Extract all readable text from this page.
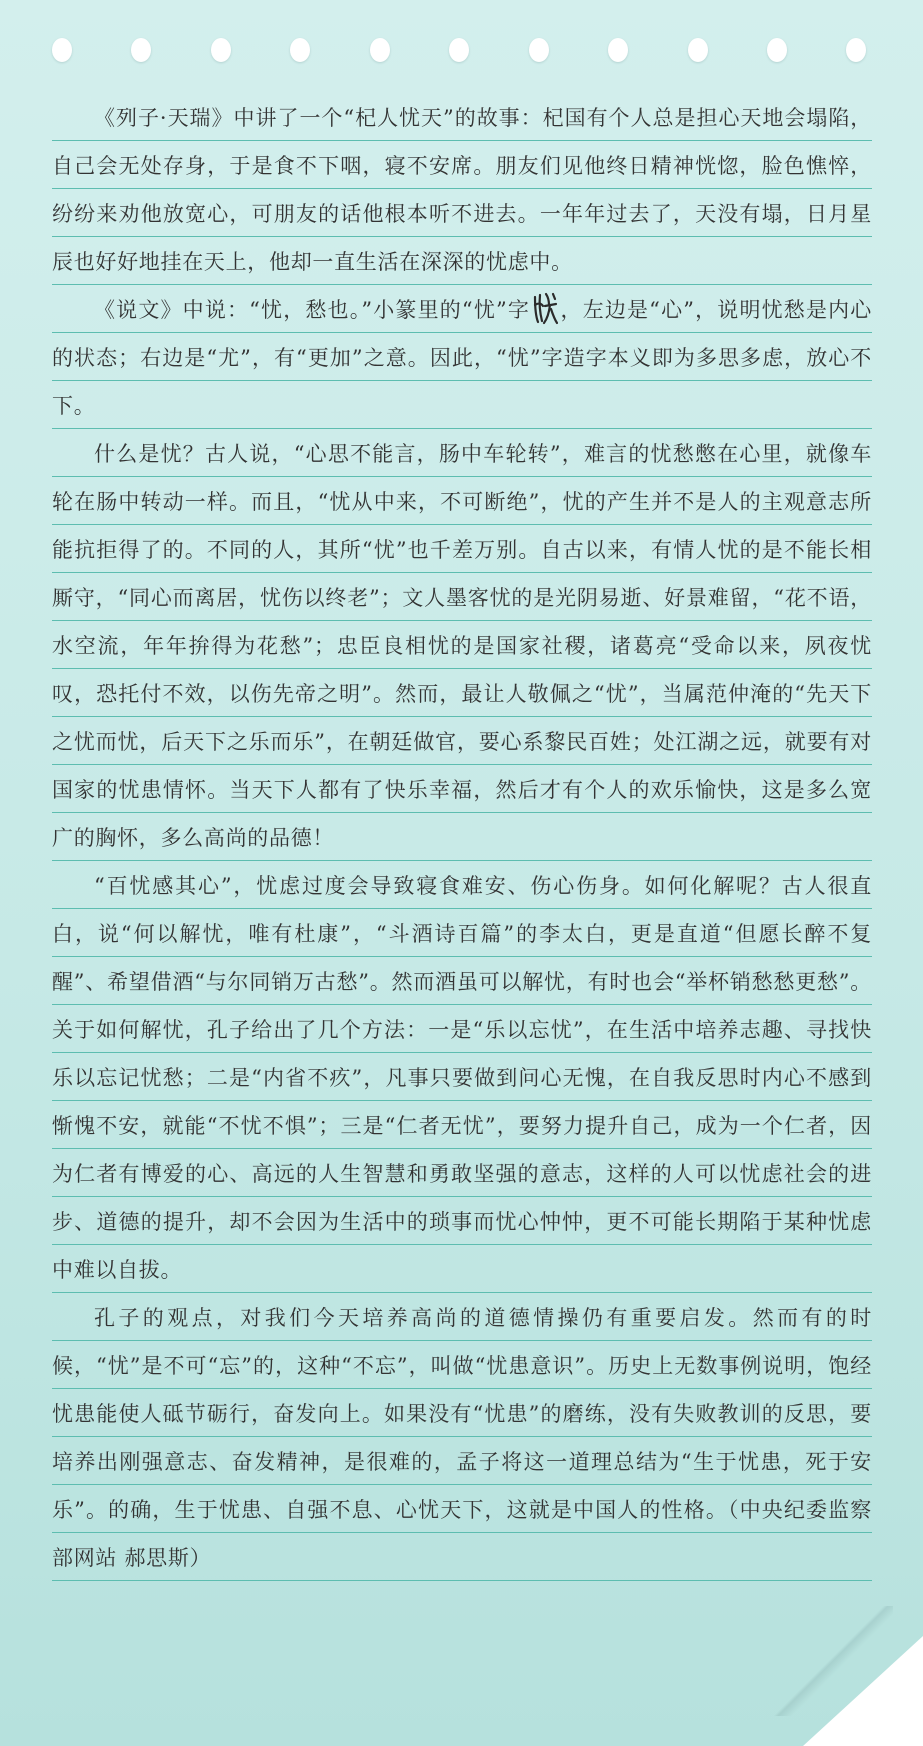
《列子·天瑞》中讲了一个“杞人忧天”的故事：杞国有个人总是担心天地会塌陷，自己会无处存身，于是食不下咽，寝不安席。朋友们见他终日精神恍惚，脸色憔悴，纷纷来劝他放宽心，可朋友的话他根本听不进去。一年年过去了，天没有塌，日月星辰也好好地挂在天上，他却一直生活在深深的忧虑中。

《说文》中说：“忧，愁也。”小篆里的“忧”字 ，左边是“心”，说明忧愁是内心的状态；右边是“尤”，有“更加”之意。因此，“忧”字造字本义即为多思多虑，放心不下。

什么是忧？古人说，“心思不能言，肠中车轮转”，难言的忧愁憋在心里，就像车轮在肠中转动一样。而且，“忧从中来，不可断绝”，忧的产生并不是人的主观意志所能抗拒得了的。不同的人，其所“忧”也千差万别。自古以来，有情人忧的是不能长相厮守，“同心而离居，忧伤以终老”；文人墨客忧的是光阴易逝、好景难留，“花不语，水空流，年年拚得为花愁”；忠臣良相忧的是国家社稷，诸葛亮“受命以来，夙夜忧叹，恐托付不效，以伤先帝之明”。然而，最让人敬佩之“忧”，当属范仲淹的“先天下之忧而忧，后天下之乐而乐”，在朝廷做官，要心系黎民百姓；处江湖之远，就要有对国家的忧患情怀。当天下人都有了快乐幸福，然后才有个人的欢乐愉快，这是多么宽广的胸怀，多么高尚的品德！

“百忧感其心”，忧虑过度会导致寝食难安、伤心伤身。如何化解呢？古人很直白，说“何以解忧，唯有杜康”，“斗酒诗百篇”的李太白，更是直道“但愿长醉不复醒”、希望借酒“与尔同销万古愁”。然而酒虽可以解忧，有时也会“举杯销愁愁更愁”。关于如何解忧，孔子给出了几个方法：一是“乐以忘忧”，在生活中培养志趣、寻找快乐以忘记忧愁；二是“内省不疚”，凡事只要做到问心无愧，在自我反思时内心不感到惭愧不安，就能“不忧不惧”；三是“仁者无忧”，要努力提升自己，成为一个仁者，因为仁者有博爱的心、高远的人生智慧和勇敢坚强的意志，这样的人可以忧虑社会的进步、道德的提升，却不会因为生活中的琐事而忧心忡忡，更不可能长期陷于某种忧虑中难以自拔。

孔子的观点，对我们今天培养高尚的道德情操仍有重要启发。然而有的时候，“忧”是不可“忘”的，这种“不忘”，叫做“忧患意识”。历史上无数事例说明，饱经忧患能使人砥节砺行，奋发向上。如果没有“忧患”的磨练，没有失败教训的反思，要培养出刚强意志、奋发精神，是很难的，孟子将这一道理总结为“生于忧患，死于安乐”。的确，生于忧患、自强不息、心忧天下，这就是中国人的性格。（中央纪委监察部网站 郝思斯）
